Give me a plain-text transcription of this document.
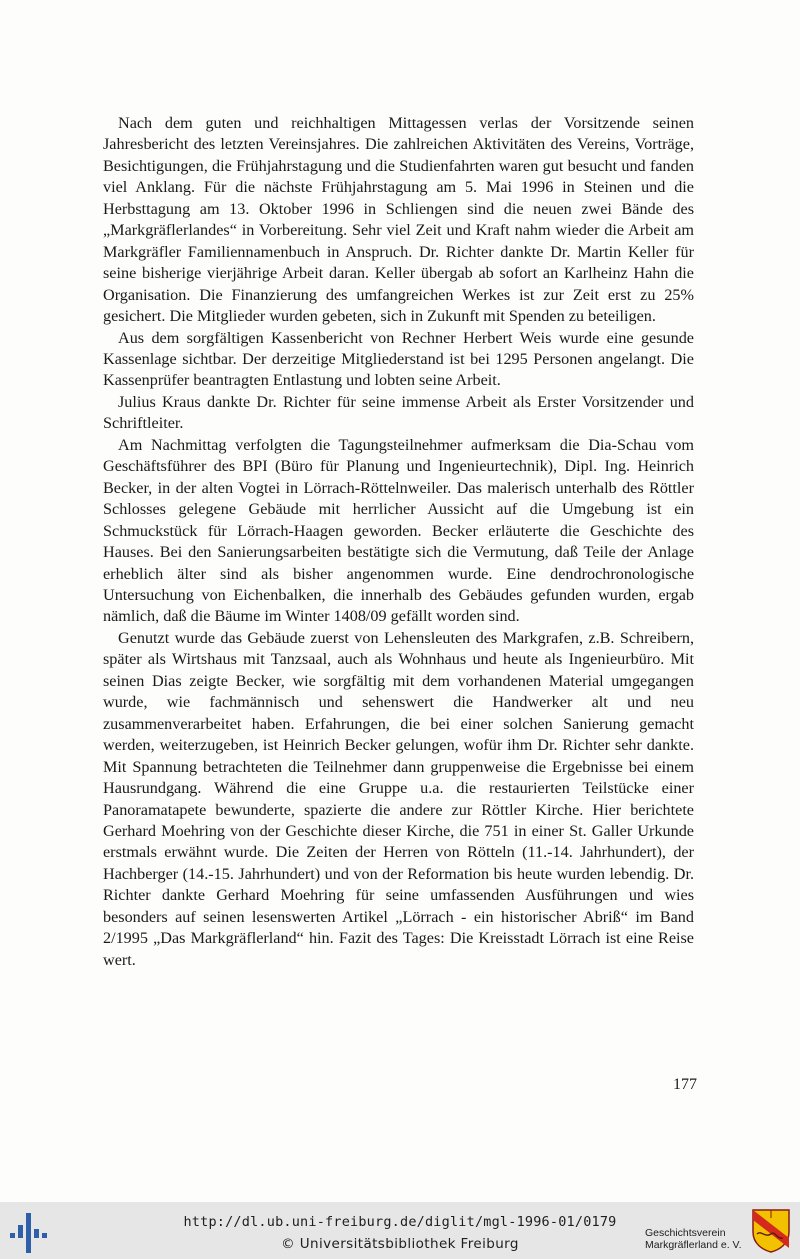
Nach dem guten und reichhaltigen Mittagessen verlas der Vorsitzende seinen Jahresbericht des letzten Vereinsjahres. Die zahlreichen Aktivitäten des Vereins, Vorträge, Besichtigungen, die Frühjahrstagung und die Studienfahrten waren gut besucht und fanden viel Anklang. Für die nächste Frühjahrstagung am 5. Mai 1996 in Steinen und die Herbsttagung am 13. Oktober 1996 in Schliengen sind die neuen zwei Bände des „Markgräflerlandes“ in Vorbereitung. Sehr viel Zeit und Kraft nahm wieder die Arbeit am Markgräfler Familiennamenbuch in Anspruch. Dr. Richter dankte Dr. Martin Keller für seine bisherige vierjährige Arbeit daran. Keller übergab ab sofort an Karlheinz Hahn die Organisation. Die Finanzierung des umfangreichen Werkes ist zur Zeit erst zu 25% gesichert. Die Mitglieder wurden gebeten, sich in Zukunft mit Spenden zu beteiligen.

Aus dem sorgfältigen Kassenbericht von Rechner Herbert Weis wurde eine gesunde Kassenlage sichtbar. Der derzeitige Mitgliederstand ist bei 1295 Personen angelangt. Die Kassenprüfer beantragten Entlastung und lobten seine Arbeit.

Julius Kraus dankte Dr. Richter für seine immense Arbeit als Erster Vorsitzender und Schriftleiter.

Am Nachmittag verfolgten die Tagungsteilnehmer aufmerksam die Dia-Schau vom Geschäftsführer des BPI (Büro für Planung und Ingenieurtechnik), Dipl. Ing. Heinrich Becker, in der alten Vogtei in Lörrach-Röttelnweiler. Das malerisch unterhalb des Röttler Schlosses gelegene Gebäude mit herrlicher Aussicht auf die Umgebung ist ein Schmuckstück für Lörrach-Haagen geworden. Becker erläuterte die Geschichte des Hauses. Bei den Sanierungsarbeiten bestätigte sich die Vermutung, daß Teile der Anlage erheblich älter sind als bisher angenommen wurde. Eine dendrochronologische Untersuchung von Eichenbalken, die innerhalb des Gebäudes gefunden wurden, ergab nämlich, daß die Bäume im Winter 1408/09 gefällt worden sind.

Genutzt wurde das Gebäude zuerst von Lehensleuten des Markgrafen, z.B. Schreibern, später als Wirtshaus mit Tanzsaal, auch als Wohnhaus und heute als Ingenieurbüro. Mit seinen Dias zeigte Becker, wie sorgfältig mit dem vorhandenen Material umgegangen wurde, wie fachmännisch und sehenswert die Handwerker alt und neu zusammenverarbeitet haben. Erfahrungen, die bei einer solchen Sanierung gemacht werden, weiterzugeben, ist Heinrich Becker gelungen, wofür ihm Dr. Richter sehr dankte. Mit Spannung betrachteten die Teilnehmer dann gruppenweise die Ergebnisse bei einem Hausrundgang. Während die eine Gruppe u.a. die restaurierten Teilstücke einer Panoramatapete bewunderte, spazierte die andere zur Röttler Kirche. Hier berichtete Gerhard Moehring von der Geschichte dieser Kirche, die 751 in einer St. Galler Urkunde erstmals erwähnt wurde. Die Zeiten der Herren von Rötteln (11.-14. Jahrhundert), der Hachberger (14.-15. Jahrhundert) und von der Reformation bis heute wurden lebendig. Dr. Richter dankte Gerhard Moehring für seine umfassenden Ausführungen und wies besonders auf seinen lesenswerten Artikel „Lörrach - ein historischer Abriß“ im Band 2/1995 „Das Markgräflerland“ hin. Fazit des Tages: Die Kreisstadt Lörrach ist eine Reise wert.

177
http://dl.ub.uni-freiburg.de/diglit/mgl-1996-01/0179
© Universitätsbibliothek Freiburg
Geschichtsverein
Markgräflerland e. V.
